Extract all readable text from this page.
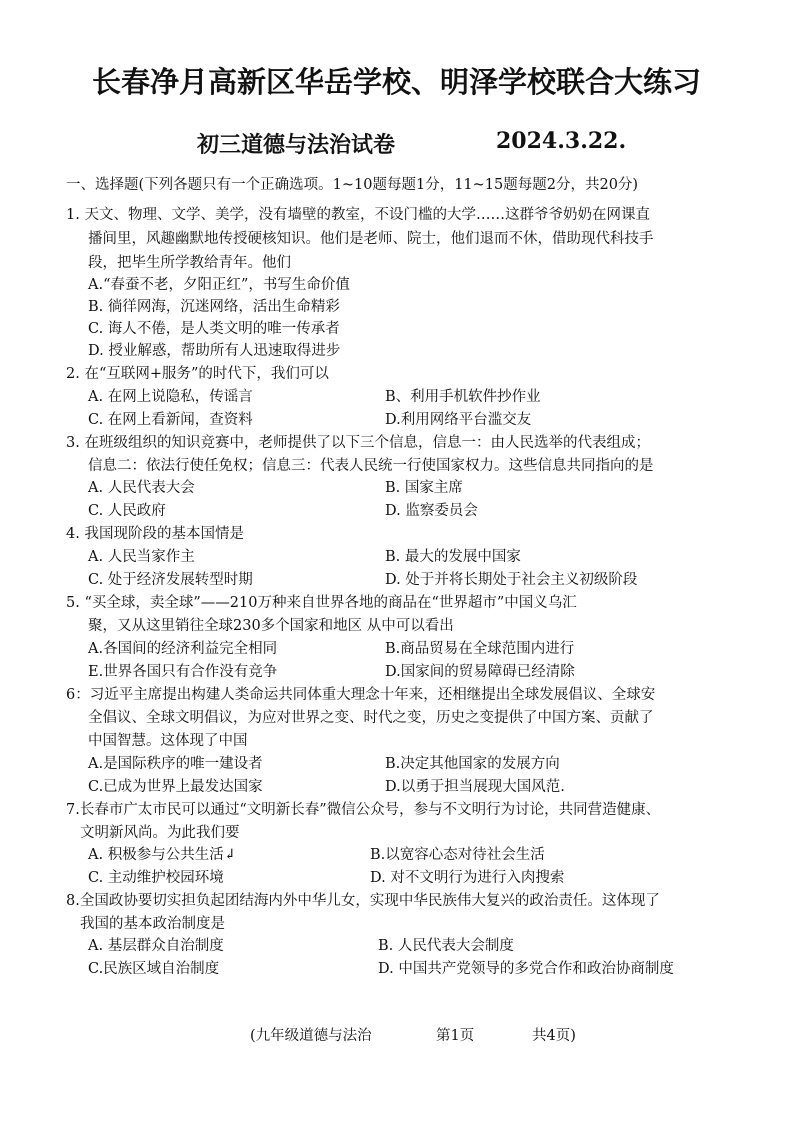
长春净月高新区华岳学校、明泽学校联合大练习
初三道德与法治试卷	2024.3.22.
一、选择题(下列各题只有一个正确选项。1~10题每题1分，11~15题每题2分，共20分)
1. 天文、物理、文学、美学，没有墙壁的教室，不设门槛的大学……这群爷爷奶奶在网课直
播间里，风趣幽默地传授硬核知识。他们是老师、院士，他们退而不休，借助现代科技手
段，把毕生所学教给青年。他们
A.“春蚕不老，夕阳正红”，书写生命价值
B. 徜徉网海，沉迷网络，活出生命精彩
C. 诲人不倦，是人类文明的唯一传承者
D. 授业解惑，帮助所有人迅速取得进步
2. 在“互联网+服务”的时代下，我们可以
A. 在网上说隐私，传谣言	B、利用手机软件抄作业
C. 在网上看新闻，查资料	D.利用网络平台滥交友
3. 在班级组织的知识竞赛中，老师提供了以下三个信息，信息一：由人民选举的代表组成；
信息二：依法行使任免权；信息三：代表人民统一行使国家权力。这些信息共同指向的是
A. 人民代表大会	B. 国家主席
C. 人民政府	D. 监察委员会
4. 我国现阶段的基本国情是
A. 人民当家作主	B. 最大的发展中国家
C. 处于经济发展转型时期	D. 处于并将长期处于社会主义初级阶段
5. “买全球，卖全球”——210万种来自世界各地的商品在“世界超市”中国义乌汇
聚，又从这里销往全球230多个国家和地区 从中可以看出
A.各国间的经济利益完全相同	B.商品贸易在全球范围内进行
E.世界各国只有合作没有竞争	D.国家间的贸易障碍已经清除
6：习近平主席提出构建人类命运共同体重大理念十年来，还相继提出全球发展倡议、全球安
全倡议、全球文明倡议，为应对世界之变、时代之变，历史之变提供了中国方案、贡献了
中国智慧。这体现了中国
A.是国际秩序的唯一建设者	B.决定其他国家的发展方向
C.已成为世界上最发达国家	D.以勇于担当展现大国风范.
7.长春市广太市民可以通过“文明新长春”微信公众号，参与不文明行为讨论，共同营造健康、
文明新风尚。为此我们要
A. 积极参与公共生活↲	B.以宽容心态对待社会生活
C. 主动维护校园环境	D. 对不文明行为进行入肉搜索
8.全国政协要切实担负起团结海内外中华儿女，实现中华民族伟大复兴的政治责任。这体现了
我国的基本政治制度是
A. 基层群众自治制度	B. 人民代表大会制度
C.民族区域自治制度	D. 中国共产党领导的多党合作和政治协商制度
(九年级道德与法治	第1页	共4页)
